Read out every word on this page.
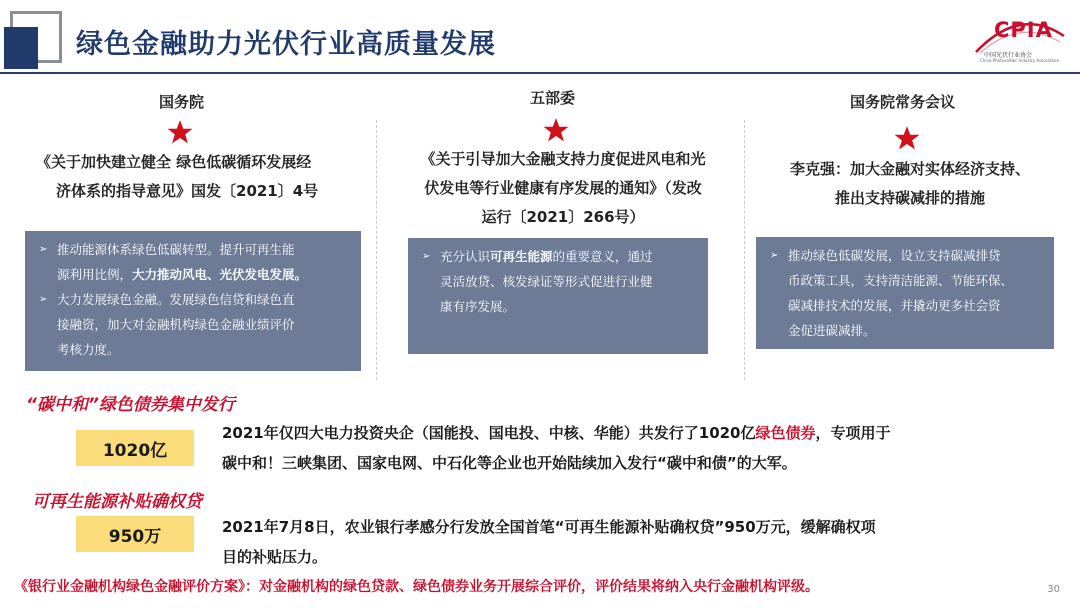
绿色金融助力光伏行业高质量发展	CPIA
中国光伏行业协会
China Photovoltaic Industry Association
国务院
《关于加快建立健全 绿色低碳循环发展经
济体系的指导意见》国发〔2021〕4号
➢ 推动能源体系绿色低碳转型。提升可再生能
源利用比例，大力推动风电、光伏发电发展。
➢ 大力发展绿色金融。发展绿色信贷和绿色直
接融资，加大对金融机构绿色金融业绩评价
考核力度。
五部委
《关于引导加大金融支持力度促进风电和光
伏发电等行业健康有序发展的通知》（发改
运行〔2021〕266号）
➢ 充分认识可再生能源的重要意义，通过
灵活放贷、核发绿证等形式促进行业健
康有序发展。
国务院常务会议
李克强：加大金融对实体经济支持、
推出支持碳减排的措施
➢ 推动绿色低碳发展，设立支持碳减排贷
币政策工具，支持清洁能源、节能环保、
碳减排技术的发展，并撬动更多社会资
金促进碳减排。
“碳中和”绿色债券集中发行
1020亿
2021年仅四大电力投资央企（国能投、国电投、中核、华能）共发行了1020亿绿色债券，专项用于
碳中和！三峡集团、国家电网、中石化等企业也开始陆续加入发行“碳中和债”的大军。
可再生能源补贴确权贷
950万	2021年7月8日，农业银行孝感分行发放全国首笔“可再生能源补贴确权贷”950万元，缓解确权项
目的补贴压力。
《银行业金融机构绿色金融评价方案》：对金融机构的绿色贷款、绿色债券业务开展综合评价，评价结果将纳入央行金融机构评级。	30
